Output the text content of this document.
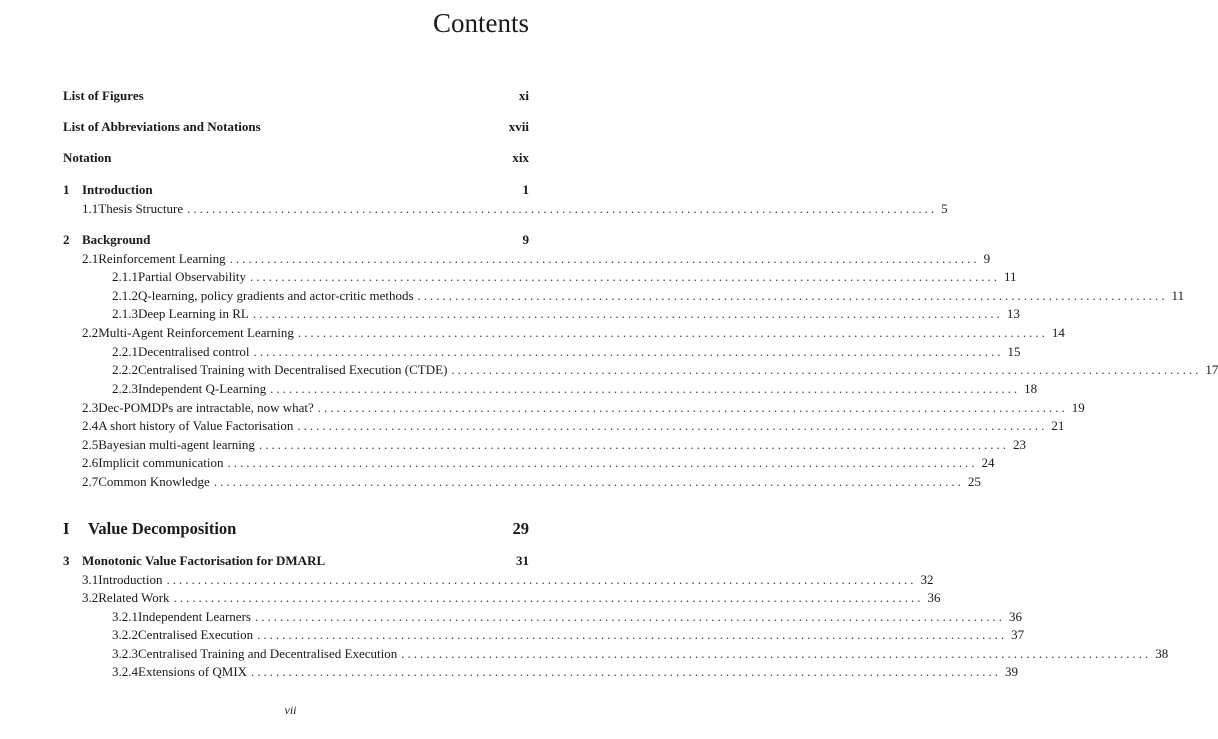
Contents
List of Figures	xi
List of Abbreviations and Notations	xvii
Notation	xix
1 Introduction	1
1.1 Thesis Structure ........................................................................................................................ 5
2 Background	9
2.1 Reinforcement Learning ........................................................................................................................ 9
2.1.1 Partial Observability ........................................................................................................................ 11
2.1.2 Q-learning, policy gradients and actor-critic methods ........................................................................................................................ 11
2.1.3 Deep Learning in RL ........................................................................................................................ 13
2.2 Multi-Agent Reinforcement Learning ........................................................................................................................ 14
2.2.1 Decentralised control ........................................................................................................................ 15
2.2.2 Centralised Training with Decentralised Execution (CTDE) ........................................................................................................................ 17
2.2.3 Independent Q-Learning ........................................................................................................................ 18
2.3 Dec-POMDPs are intractable, now what? ........................................................................................................................ 19
2.4 A short history of Value Factorisation ........................................................................................................................ 21
2.5 Bayesian multi-agent learning ........................................................................................................................ 23
2.6 Implicit communication ........................................................................................................................ 24
2.7 Common Knowledge ........................................................................................................................ 25
I	Value Decomposition	29
3 Monotonic Value Factorisation for DMARL	31
3.1 Introduction ........................................................................................................................ 32
3.2 Related Work ........................................................................................................................ 36
3.2.1 Independent Learners ........................................................................................................................ 36
3.2.2 Centralised Execution ........................................................................................................................ 37
3.2.3 Centralised Training and Decentralised Execution ........................................................................................................................ 38
3.2.4 Extensions of QMIX ........................................................................................................................ 39
vii
